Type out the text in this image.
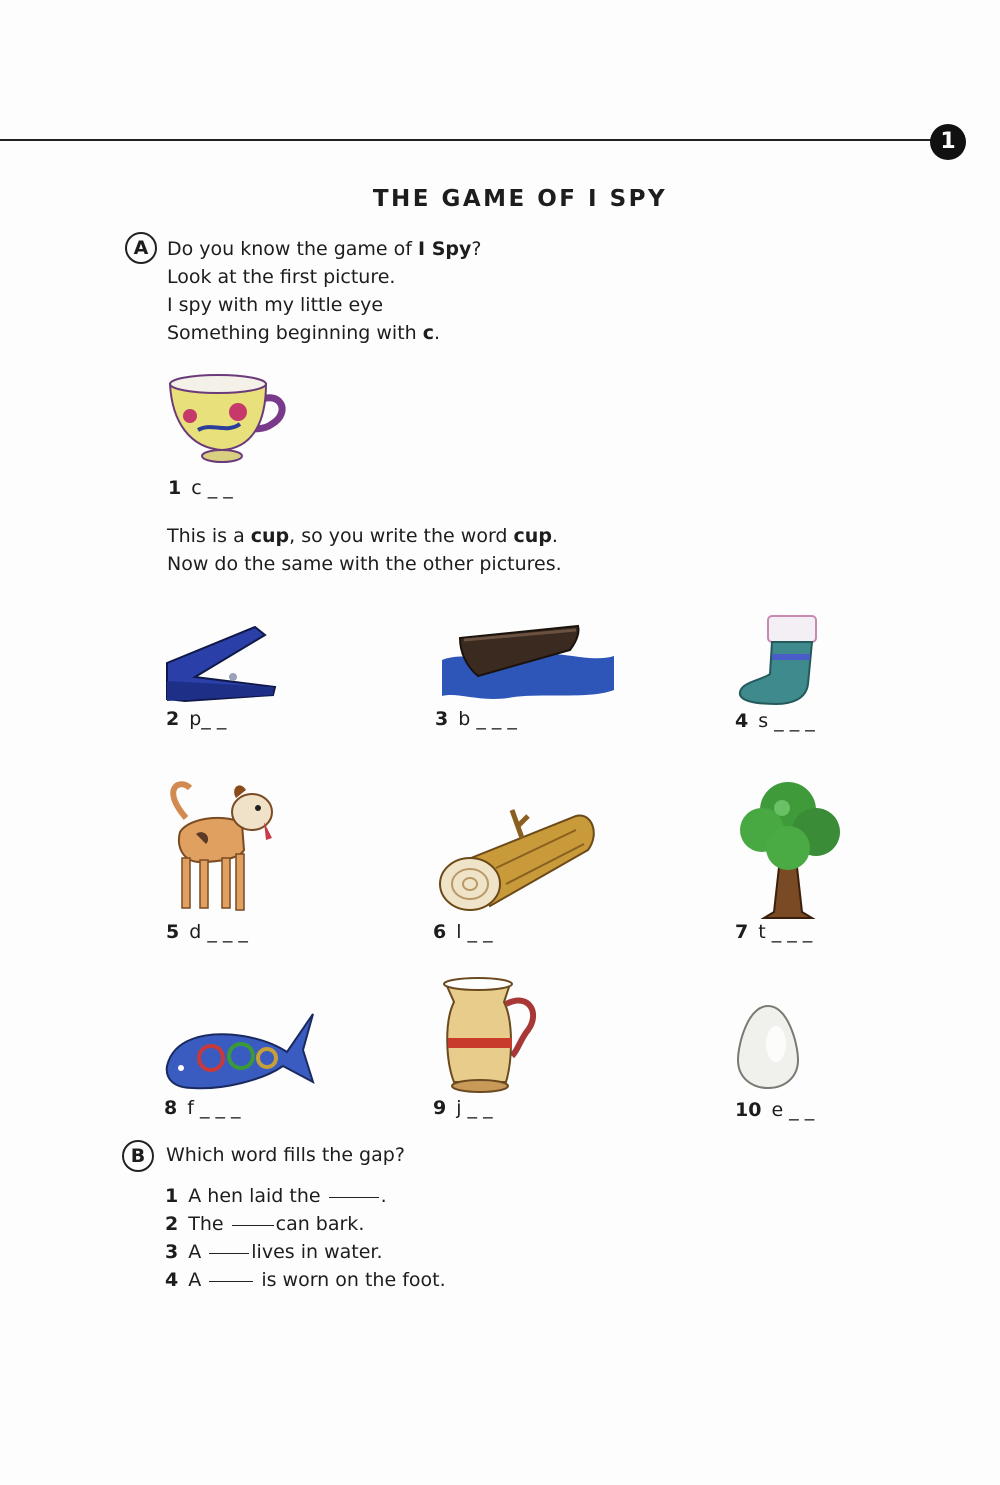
1
THE GAME OF I SPY
A Do you know the game of I Spy?
Look at the first picture.
I spy with my little eye
Something beginning with c.
1 c _ _
This is a cup, so you write the word cup.
Now do the same with the other pictures.
2 p_ _	3 b _ _ _	4 s _ _ _
5 d _ _ _	6 l _ _	7 t _ _ _
8 f _ _ _	9 j _ _	10 e _ _
B	Which word fills the gap?
1 A hen laid the	.
2 The can bark.
3 A lives in water.
4 A	is worn on the foot.
